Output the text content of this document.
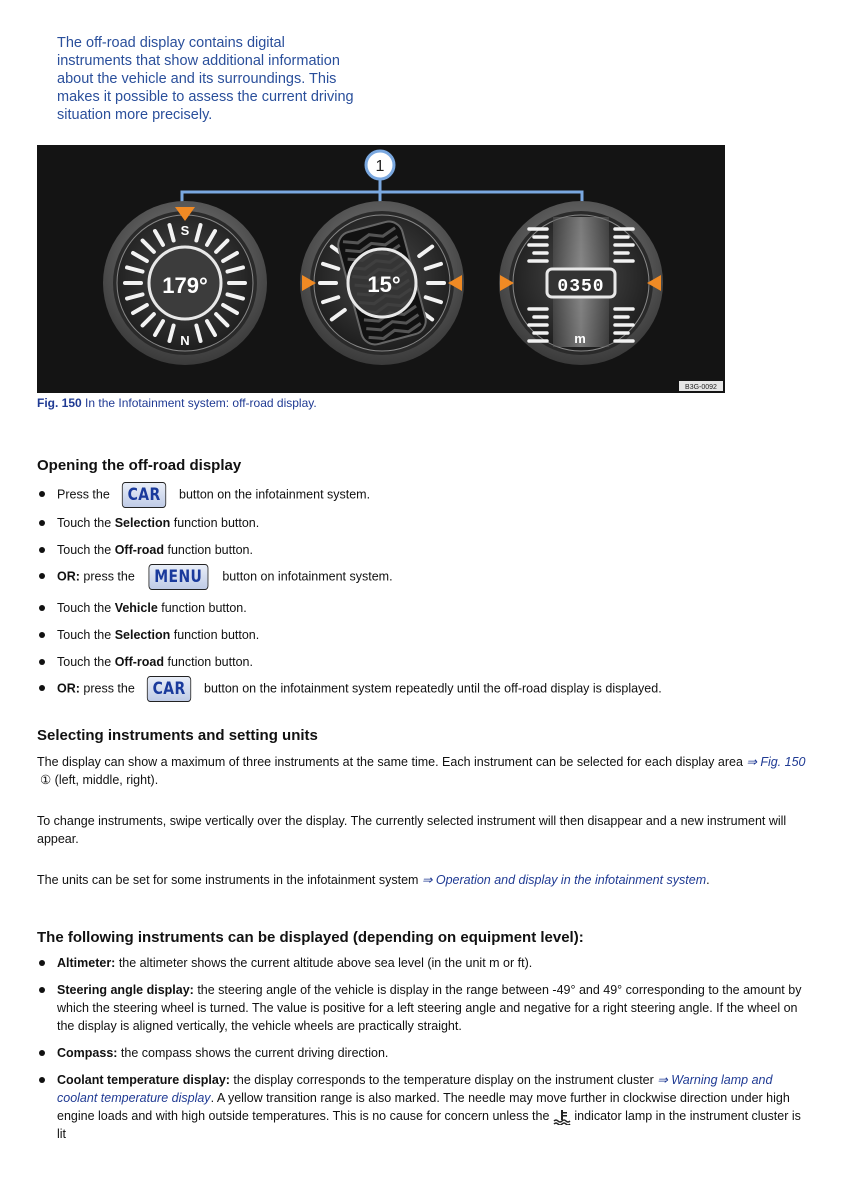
The off-road display contains digital instruments that show additional information about the vehicle and its surroundings. This makes it possible to assess the current driving situation more precisely.
1
179°
S
N
15°	0350
m
B3G-0092
Fig. 150 In the Infotainment system: off-road display.
Opening the off-road display
Press the CAR button on the infotainment system.
Touch the Selection function button.
Touch the Off-road function button.
OR: press the MENU button on infotainment system.
Touch the Vehicle function button.
Touch the Selection function button.
Touch the Off-road function button.
OR: press the CAR button on the infotainment system repeatedly until the off-road display is displayed.
Selecting instruments and setting units

The display can show a maximum of three instruments at the same time. Each instrument can be selected for each display area ⇒ Fig. 150
① (left, middle, right).

To change instruments, swipe vertically over the display. The currently selected instrument will then disappear and a new instrument will appear.

The units can be set for some instruments in the infotainment system ⇒ Operation and display in the infotainment system.

The following instruments can be displayed (depending on equipment level):
Altimeter: the altimeter shows the current altitude above sea level (in the unit m or ft).
Steering angle display: the steering angle of the vehicle is display in the range between -49° and 49° corresponding to the amount by which the steering wheel is turned. The value is positive for a left steering angle and negative for a right steering angle. If the wheel on the display is aligned vertically, the vehicle wheels are practically straight.
Compass: the compass shows the current driving direction.
Coolant temperature display: the display corresponds to the temperature display on the instrument cluster ⇒ Warning lamp and coolant temperature display. A yellow transition range is also marked. The needle may move further in clockwise direction under high engine loads and with high outside temperatures. This is no cause for concern unless the  indicator lamp in the instrument cluster is lit
